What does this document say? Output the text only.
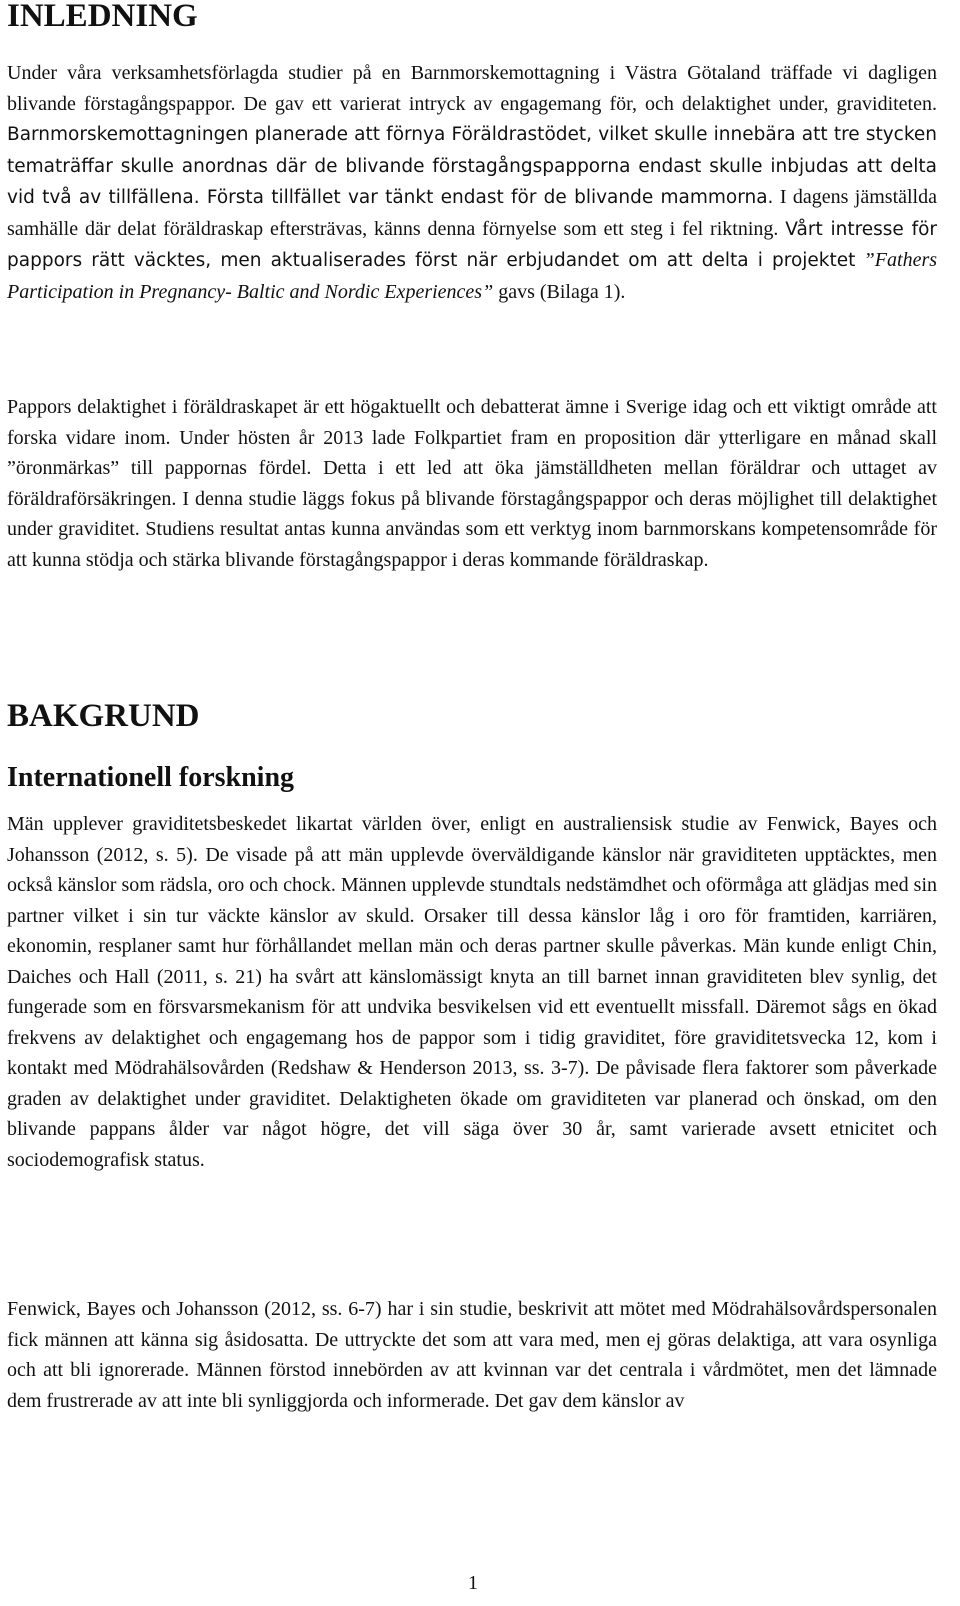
INLEDNING

Under våra verksamhetsförlagda studier på en Barnmorskemottagning i Västra Götaland träffade vi dagligen blivande förstagångspappor. De gav ett varierat intryck av engagemang för, och delaktighet under, graviditeten. Barnmorskemottagningen planerade att förnya Föräldrastödet, vilket skulle innebära att tre stycken tematräffar skulle anordnas där de blivande förstagångspapporna endast skulle inbjudas att delta vid två av tillfällena. Första tillfället var tänkt endast för de blivande mammorna. I dagens jämställda samhälle där delat föräldraskap eftersträvas, känns denna förnyelse som ett steg i fel riktning. Vårt intresse för pappors rätt väcktes, men aktualiserades först när erbjudandet om att delta i projektet ”Fathers Participation in Pregnancy- Baltic and Nordic Experiences” gavs (Bilaga 1).

Pappors delaktighet i föräldraskapet är ett högaktuellt och debatterat ämne i Sverige idag och ett viktigt område att forska vidare inom. Under hösten år 2013 lade Folkpartiet fram en proposition där ytterligare en månad skall ”öronmärkas” till pappornas fördel. Detta i ett led att öka jämställdheten mellan föräldrar och uttaget av föräldraförsäkringen. I denna studie läggs fokus på blivande förstagångspappor och deras möjlighet till delaktighet under graviditet. Studiens resultat antas kunna användas som ett verktyg inom barnmorskans kompetensområde för att kunna stödja och stärka blivande förstagångspappor i deras kommande föräldraskap.

BAKGRUND
Internationell forskning

Män upplever graviditetsbeskedet likartat världen över, enligt en australiensisk studie av Fenwick, Bayes och Johansson (2012, s. 5). De visade på att män upplevde överväldigande känslor när graviditeten upptäcktes, men också känslor som rädsla, oro och chock. Männen upplevde stundtals nedstämdhet och oförmåga att glädjas med sin partner vilket i sin tur väckte känslor av skuld. Orsaker till dessa känslor låg i oro för framtiden, karriären, ekonomin, resplaner samt hur förhållandet mellan män och deras partner skulle påverkas. Män kunde enligt Chin, Daiches och Hall (2011, s. 21) ha svårt att känslomässigt knyta an till barnet innan graviditeten blev synlig, det fungerade som en försvarsmekanism för att undvika besvikelsen vid ett eventuellt missfall. Däremot sågs en ökad frekvens av delaktighet och engagemang hos de pappor som i tidig graviditet, före graviditetsvecka 12, kom i kontakt med Mödrahälsovården (Redshaw & Henderson 2013, ss. 3-7). De påvisade flera faktorer som påverkade graden av delaktighet under graviditet. Delaktigheten ökade om graviditeten var planerad och önskad, om den blivande pappans ålder var något högre, det vill säga över 30 år, samt varierade avsett etnicitet och sociodemografisk status.

Fenwick, Bayes och Johansson (2012, ss. 6-7) har i sin studie, beskrivit att mötet med Mödrahälsovårdspersonalen fick männen att känna sig åsidosatta. De uttryckte det som att vara med, men ej göras delaktiga, att vara osynliga och att bli ignorerade. Männen förstod innebörden av att kvinnan var det centrala i vårdmötet, men det lämnade dem frustrerade av att inte bli synliggjorda och informerade. Det gav dem känslor av

1
